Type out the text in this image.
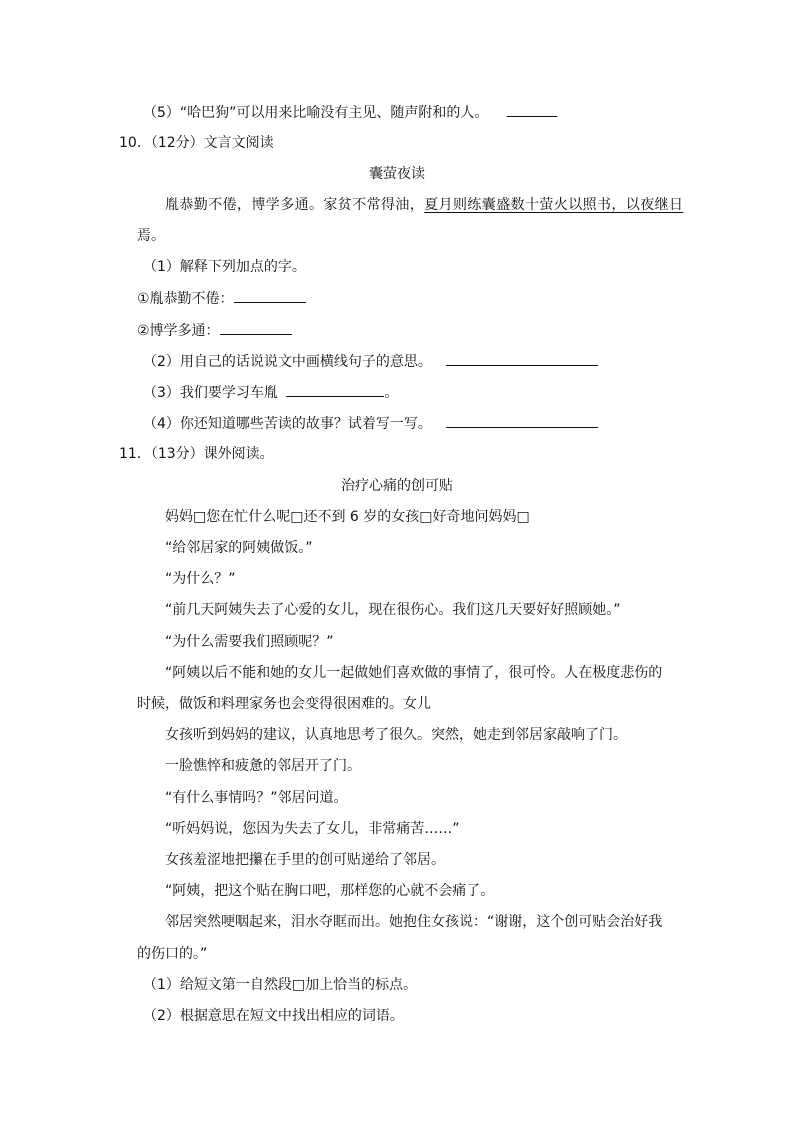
（5）“哈巴狗”可以用来比喻没有主见、随声附和的人。
10．（12分）文言文阅读
囊萤夜读
胤恭勤不倦，博学多通。家贫不常得油，夏月则练囊盛数十萤火以照书，以夜继日
焉。
（1）解释下列加点的字。
①胤恭勤不倦：
②博学多通：
（2）用自己的话说说文中画横线句子的意思。
（3）我们要学习车胤	。
（4）你还知道哪些苦读的故事？试着写一写。
11．（13分）课外阅读。
治疗心痛的创可贴
妈妈□您在忙什么呢□还不到 6 岁的女孩□好奇地问妈妈□
“给邻居家的阿姨做饭。”
“为什么？”
“前几天阿姨失去了心爱的女儿，现在很伤心。我们这几天要好好照顾她。”
“为什么需要我们照顾呢？”
“阿姨以后不能和她的女儿一起做她们喜欢做的事情了，很可怜。人在极度悲伤的
时候，做饭和料理家务也会变得很困难的。女儿
女孩听到妈妈的建议，认真地思考了很久。突然，她走到邻居家敲响了门。
一脸憔悴和疲惫的邻居开了门。
“有什么事情吗？”邻居问道。
“听妈妈说，您因为失去了女儿，非常痛苦……”
女孩羞涩地把攥在手里的创可贴递给了邻居。
“阿姨，把这个贴在胸口吧，那样您的心就不会痛了。
邻居突然哽咽起来，泪水夺眶而出。她抱住女孩说：“谢谢，这个创可贴会治好我
的伤口的。”
（1）给短文第一自然段□加上恰当的标点。
（2）根据意思在短文中找出相应的词语。
